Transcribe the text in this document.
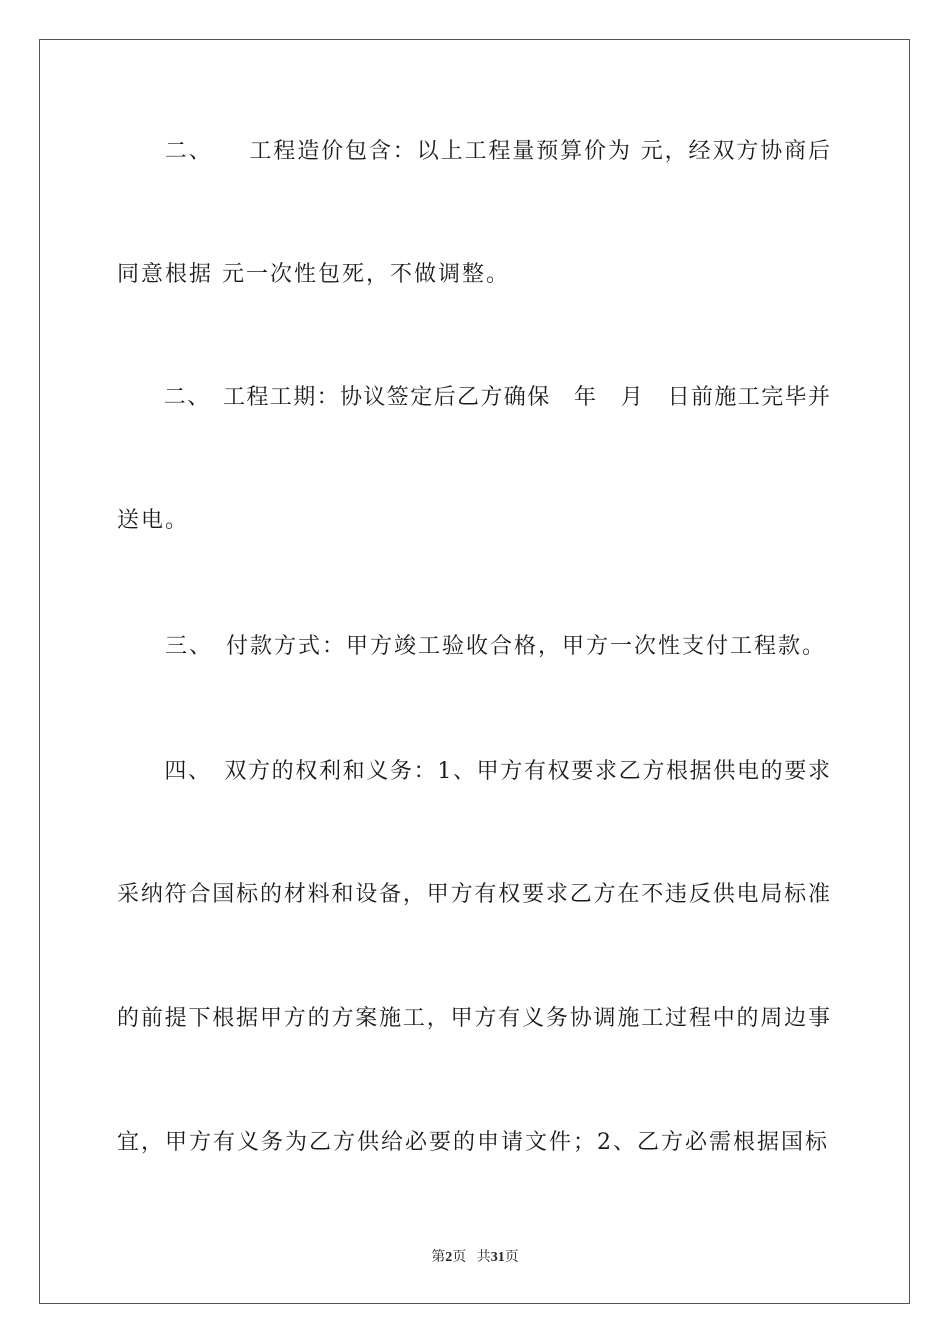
　　二、　　工程造价包含：以上工程量预算价为 元，经双方协商后
同意根据 元一次性包死，不做调整。
　　二、　工程工期：协议签定后乙方确保　年　月　日前施工完毕并
送电。
　　三、　付款方式：甲方竣工验收合格，甲方一次性支付工程款。
　　四、　双方的权利和义务：1、甲方有权要求乙方根据供电的要求
采纳符合国标的材料和设备，甲方有权要求乙方在不违反供电局标准
的前提下根据甲方的方案施工，甲方有义务协调施工过程中的周边事
宜，甲方有义务为乙方供给必要的申请文件；2、乙方必需根据国标
第2页 共31页
